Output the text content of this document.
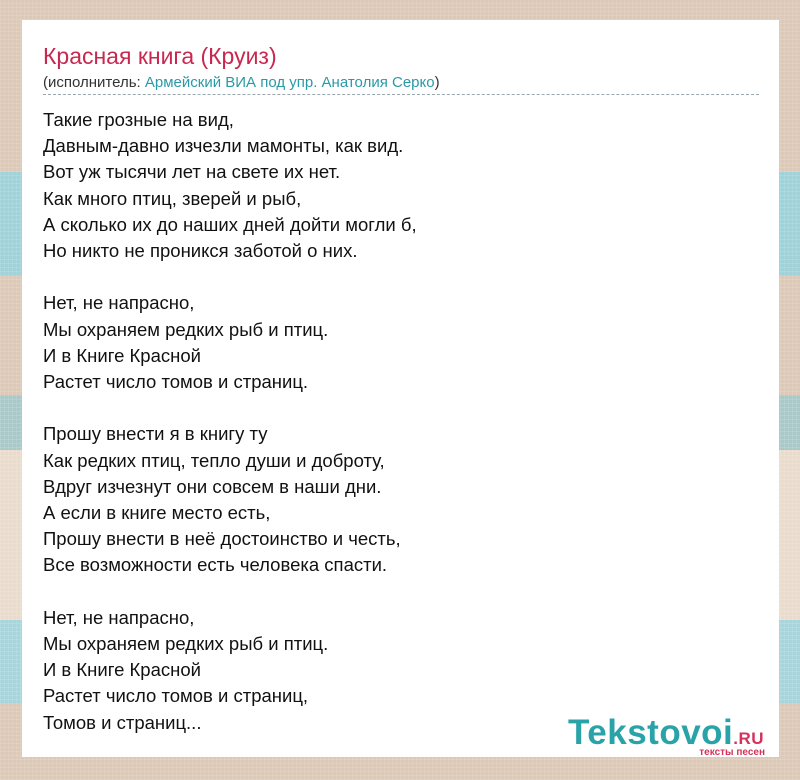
Красная книга (Круиз)
(исполнитель: Армейский ВИА под упр. Анатолия Серко)

Такие грозные на вид,
Давным-давно изчезли мамонты, как вид.
Вот уж тысячи лет на свете их нет.
Как много птиц, зверей и рыб,
А сколько их до наших дней дойти могли б,
Но никто не проникся заботой о них.

Нет, не напрасно,
Мы охраняем редких рыб и птиц.
И в Книге Красной
Растет число томов и страниц.

Прошу внести я в книгу ту
Как редких птиц, тепло души и доброту,
Вдруг изчезнут они совсем в наши дни.
А если в книге место есть,
Прошу внести в неё достоинство и честь,
Все возможности есть человека спасти.

Нет, не напрасно,
Мы охраняем редких рыб и птиц.
И в Книге Красной
Растет число томов и страниц,
Томов и страниц...	Tekstovoi.RU
тексты песен
